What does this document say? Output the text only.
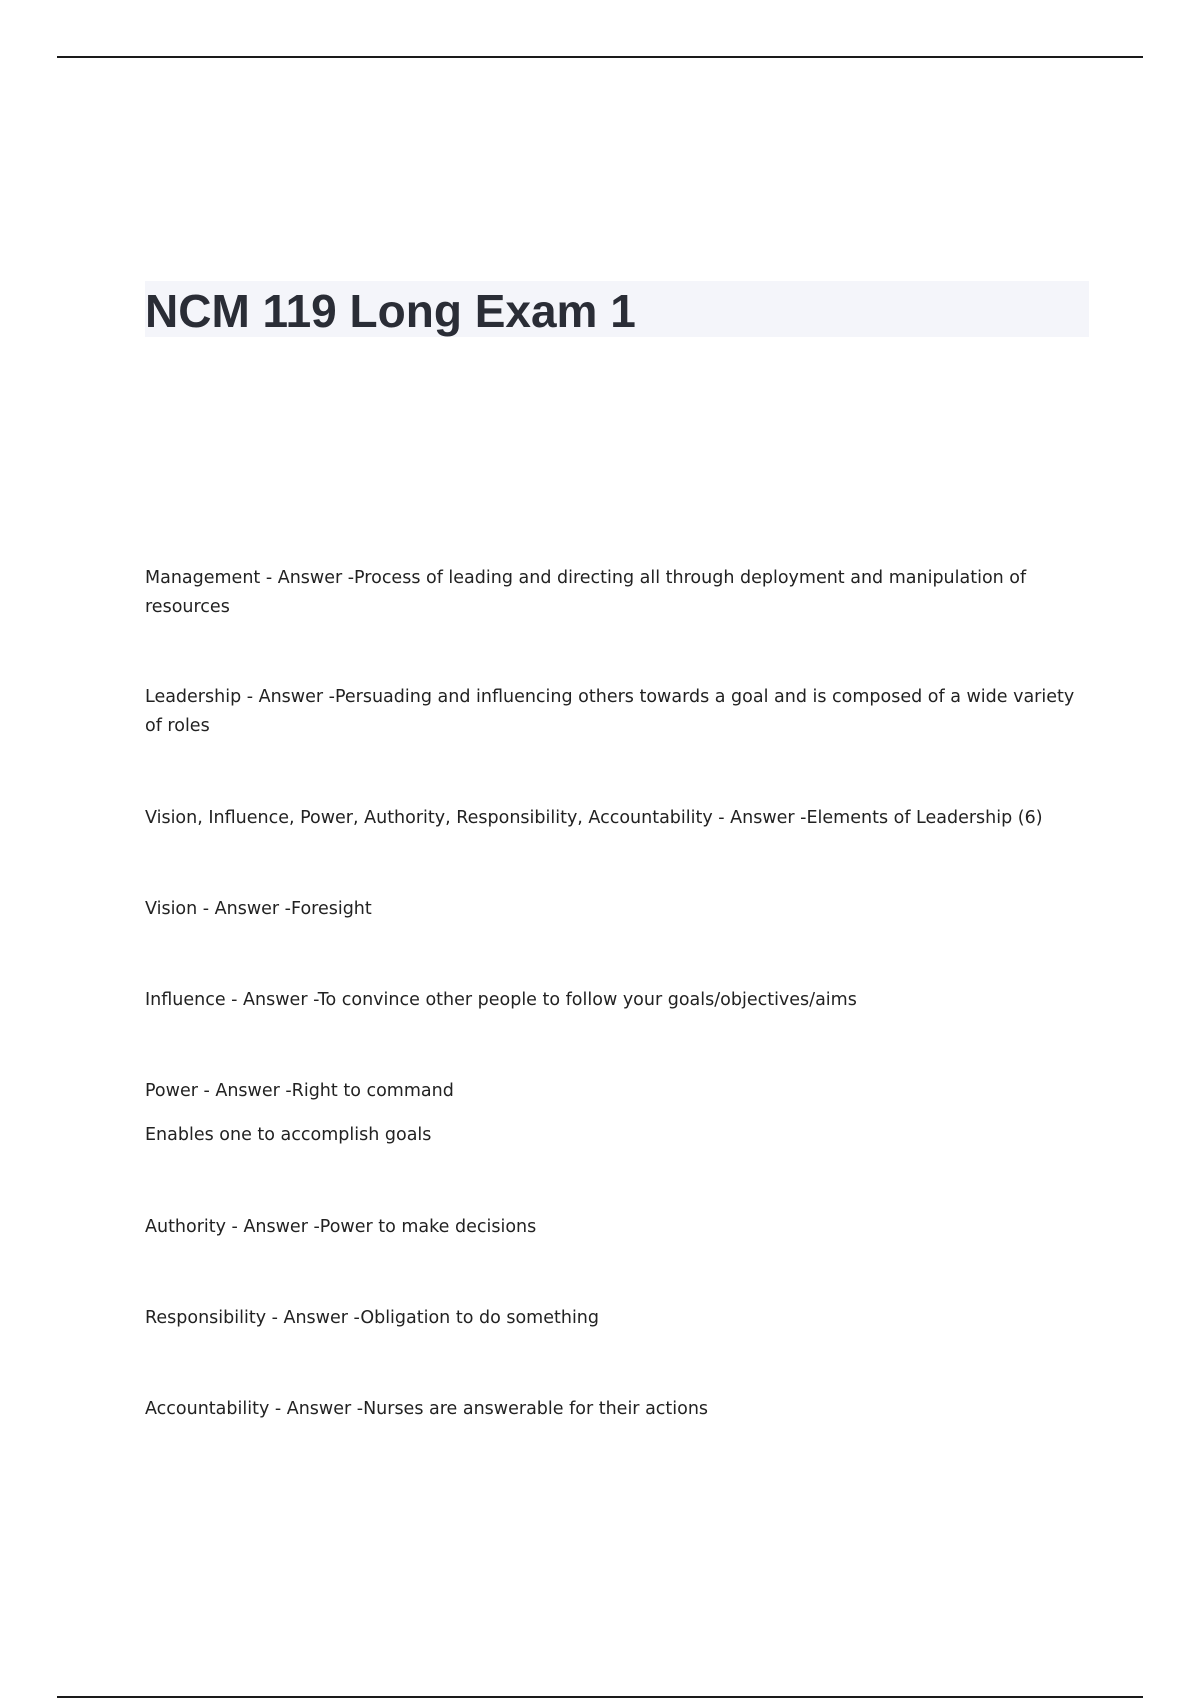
NCM 119 Long Exam 1

Management - Answer -Process of leading and directing all through deployment and manipulation of resources

Leadership - Answer -Persuading and influencing others towards a goal and is composed of a wide variety of roles

Vision, Influence, Power, Authority, Responsibility, Accountability - Answer -Elements of Leadership (6)

Vision - Answer -Foresight

Influence - Answer -To convince other people to follow your goals/objectives/aims

Power - Answer -Right to command

Enables one to accomplish goals

Authority - Answer -Power to make decisions

Responsibility - Answer -Obligation to do something

Accountability - Answer -Nurses are answerable for their actions
